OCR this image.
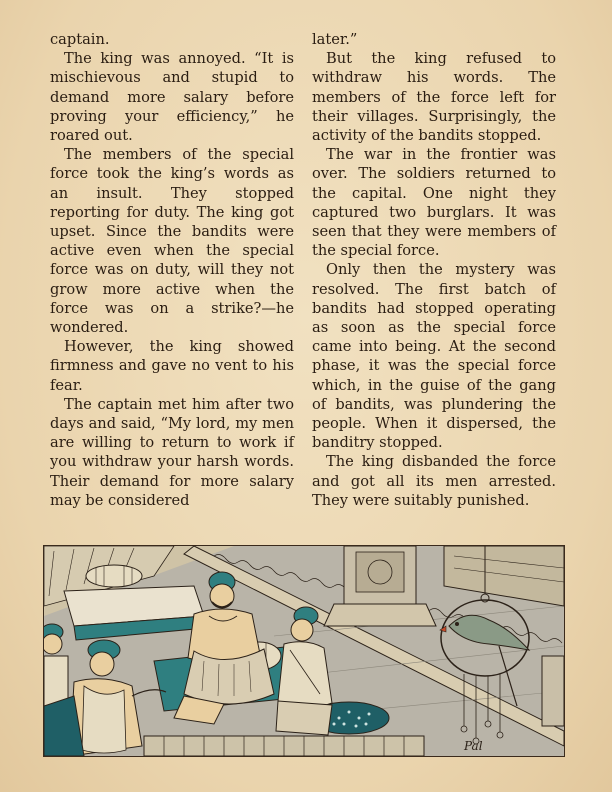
captain.

The king was annoyed. “It is mischievous and stupid to demand more salary before proving your efficiency,” he roared out.

The members of the special force took the king’s words as an insult. They stopped reporting for duty. The king got upset. Since the bandits were active even when the special force was on duty, will they not grow more active when the force was on a strike?—he wondered.

However, the king showed firmness and gave no vent to his fear.

The captain met him after two days and said, “My lord, my men are willing to return to work if you withdraw your harsh words. Their demand for more salary may be considered

later.”

But the king refused to withdraw his words. The members of the force left for their villages. Surprisingly, the activity of the bandits stopped.

The war in the frontier was over. The soldiers returned to the capital. One night they captured two burglars. It was seen that they were members of the special force.

Only then the mystery was resolved. The first batch of bandits had stopped operating as soon as the special force came into being. At the second phase, it was the special force which, in the guise of the gang of bandits, was plundering the people. When it dispersed, the banditry stopped.

The king disbanded the force and got all its men arrested. They were suitably punished.

Pal
